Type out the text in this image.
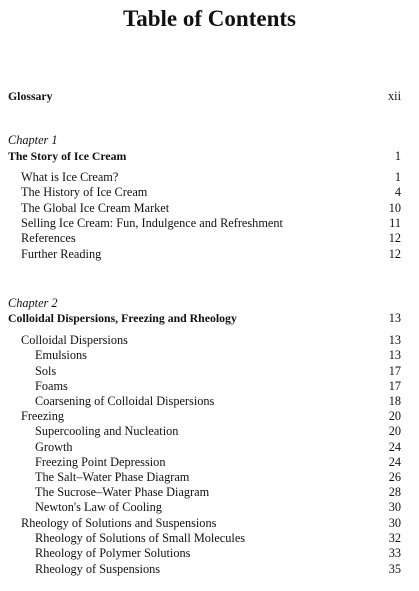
Table of Contents
Glossary	xii
Chapter 1
The Story of Ice Cream	1
What is Ice Cream?	1
The History of Ice Cream	4
The Global Ice Cream Market	10
Selling Ice Cream: Fun, Indulgence and Refreshment	11
References	12
Further Reading	12
Chapter 2
Colloidal Dispersions, Freezing and Rheology	13
Colloidal Dispersions	13
Emulsions	13
Sols	17
Foams	17
Coarsening of Colloidal Dispersions	18
Freezing	20
Supercooling and Nucleation	20
Growth	24
Freezing Point Depression	24
The Salt–Water Phase Diagram	26
The Sucrose–Water Phase Diagram	28
Newton's Law of Cooling	30
Rheology of Solutions and Suspensions	30
Rheology of Solutions of Small Molecules	32
Rheology of Polymer Solutions	33
Rheology of Suspensions	35
